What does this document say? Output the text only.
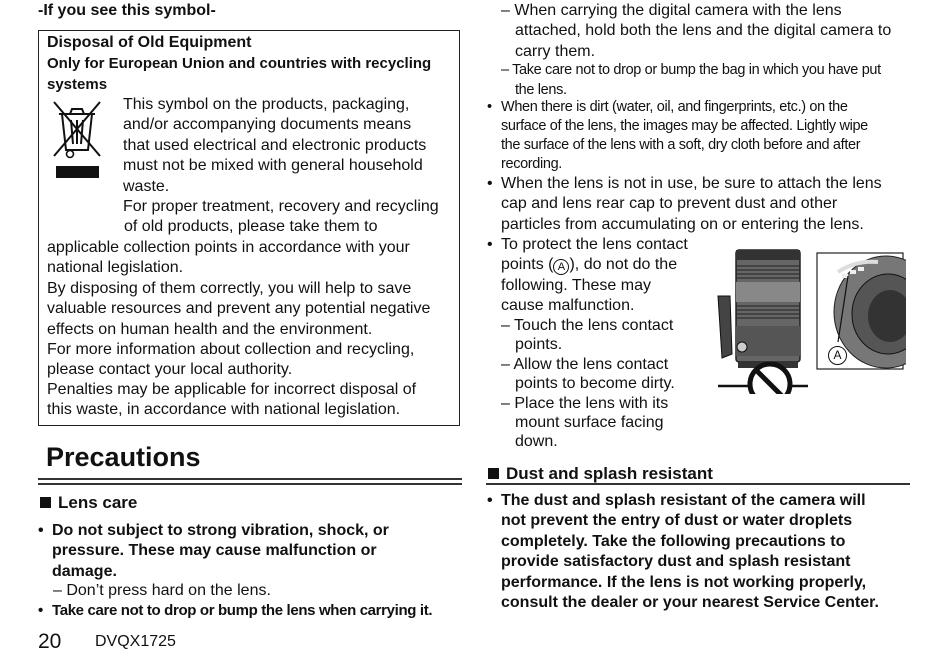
-If you see this symbol-
Disposal of Old Equipment
Only for European Union and countries with recycling
systems
This symbol on the products, packaging,
and/or accompanying documents means
that used electrical and electronic products
must not be mixed with general household
waste.
For proper treatment, recovery and recycling
of old products, please take them to
applicable collection points in accordance with your
national legislation.
By disposing of them correctly, you will help to save
valuable resources and prevent any potential negative
effects on human health and the environment.
For more information about collection and recycling,
please contact your local authority.
Penalties may be applicable for incorrect disposal of
this waste, in accordance with national legislation.
Precautions
Lens care
• Do not subject to strong vibration, shock, or
pressure. These may cause malfunction or
damage.
– Don’t press hard on the lens.
• Take care not to drop or bump the lens when carrying it.
20 DVQX1725
– When carrying the digital camera with the lens
attached, hold both the lens and the digital camera to
carry them.
– Take care not to drop or bump the bag in which you have put
the lens.
• When there is dirt (water, oil, and fingerprints, etc.) on the
surface of the lens, the images may be affected. Lightly wipe
the surface of the lens with a soft, dry cloth before and after
recording.
• When the lens is not in use, be sure to attach the lens
cap and lens rear cap to prevent dust and other
particles from accumulating on or entering the lens.
• To protect the lens contact
points ( A ), do not do the
following. These may
cause malfunction.
– Touch the lens contact
points.
– Allow the lens contact
points to become dirty.
– Place the lens with its
mount surface facing
down.
A
Dust and splash resistant
• The dust and splash resistant of the camera will
not prevent the entry of dust or water droplets
completely. Take the following precautions to
provide satisfactory dust and splash resistant
performance. If the lens is not working properly,
consult the dealer or your nearest Service Center.
